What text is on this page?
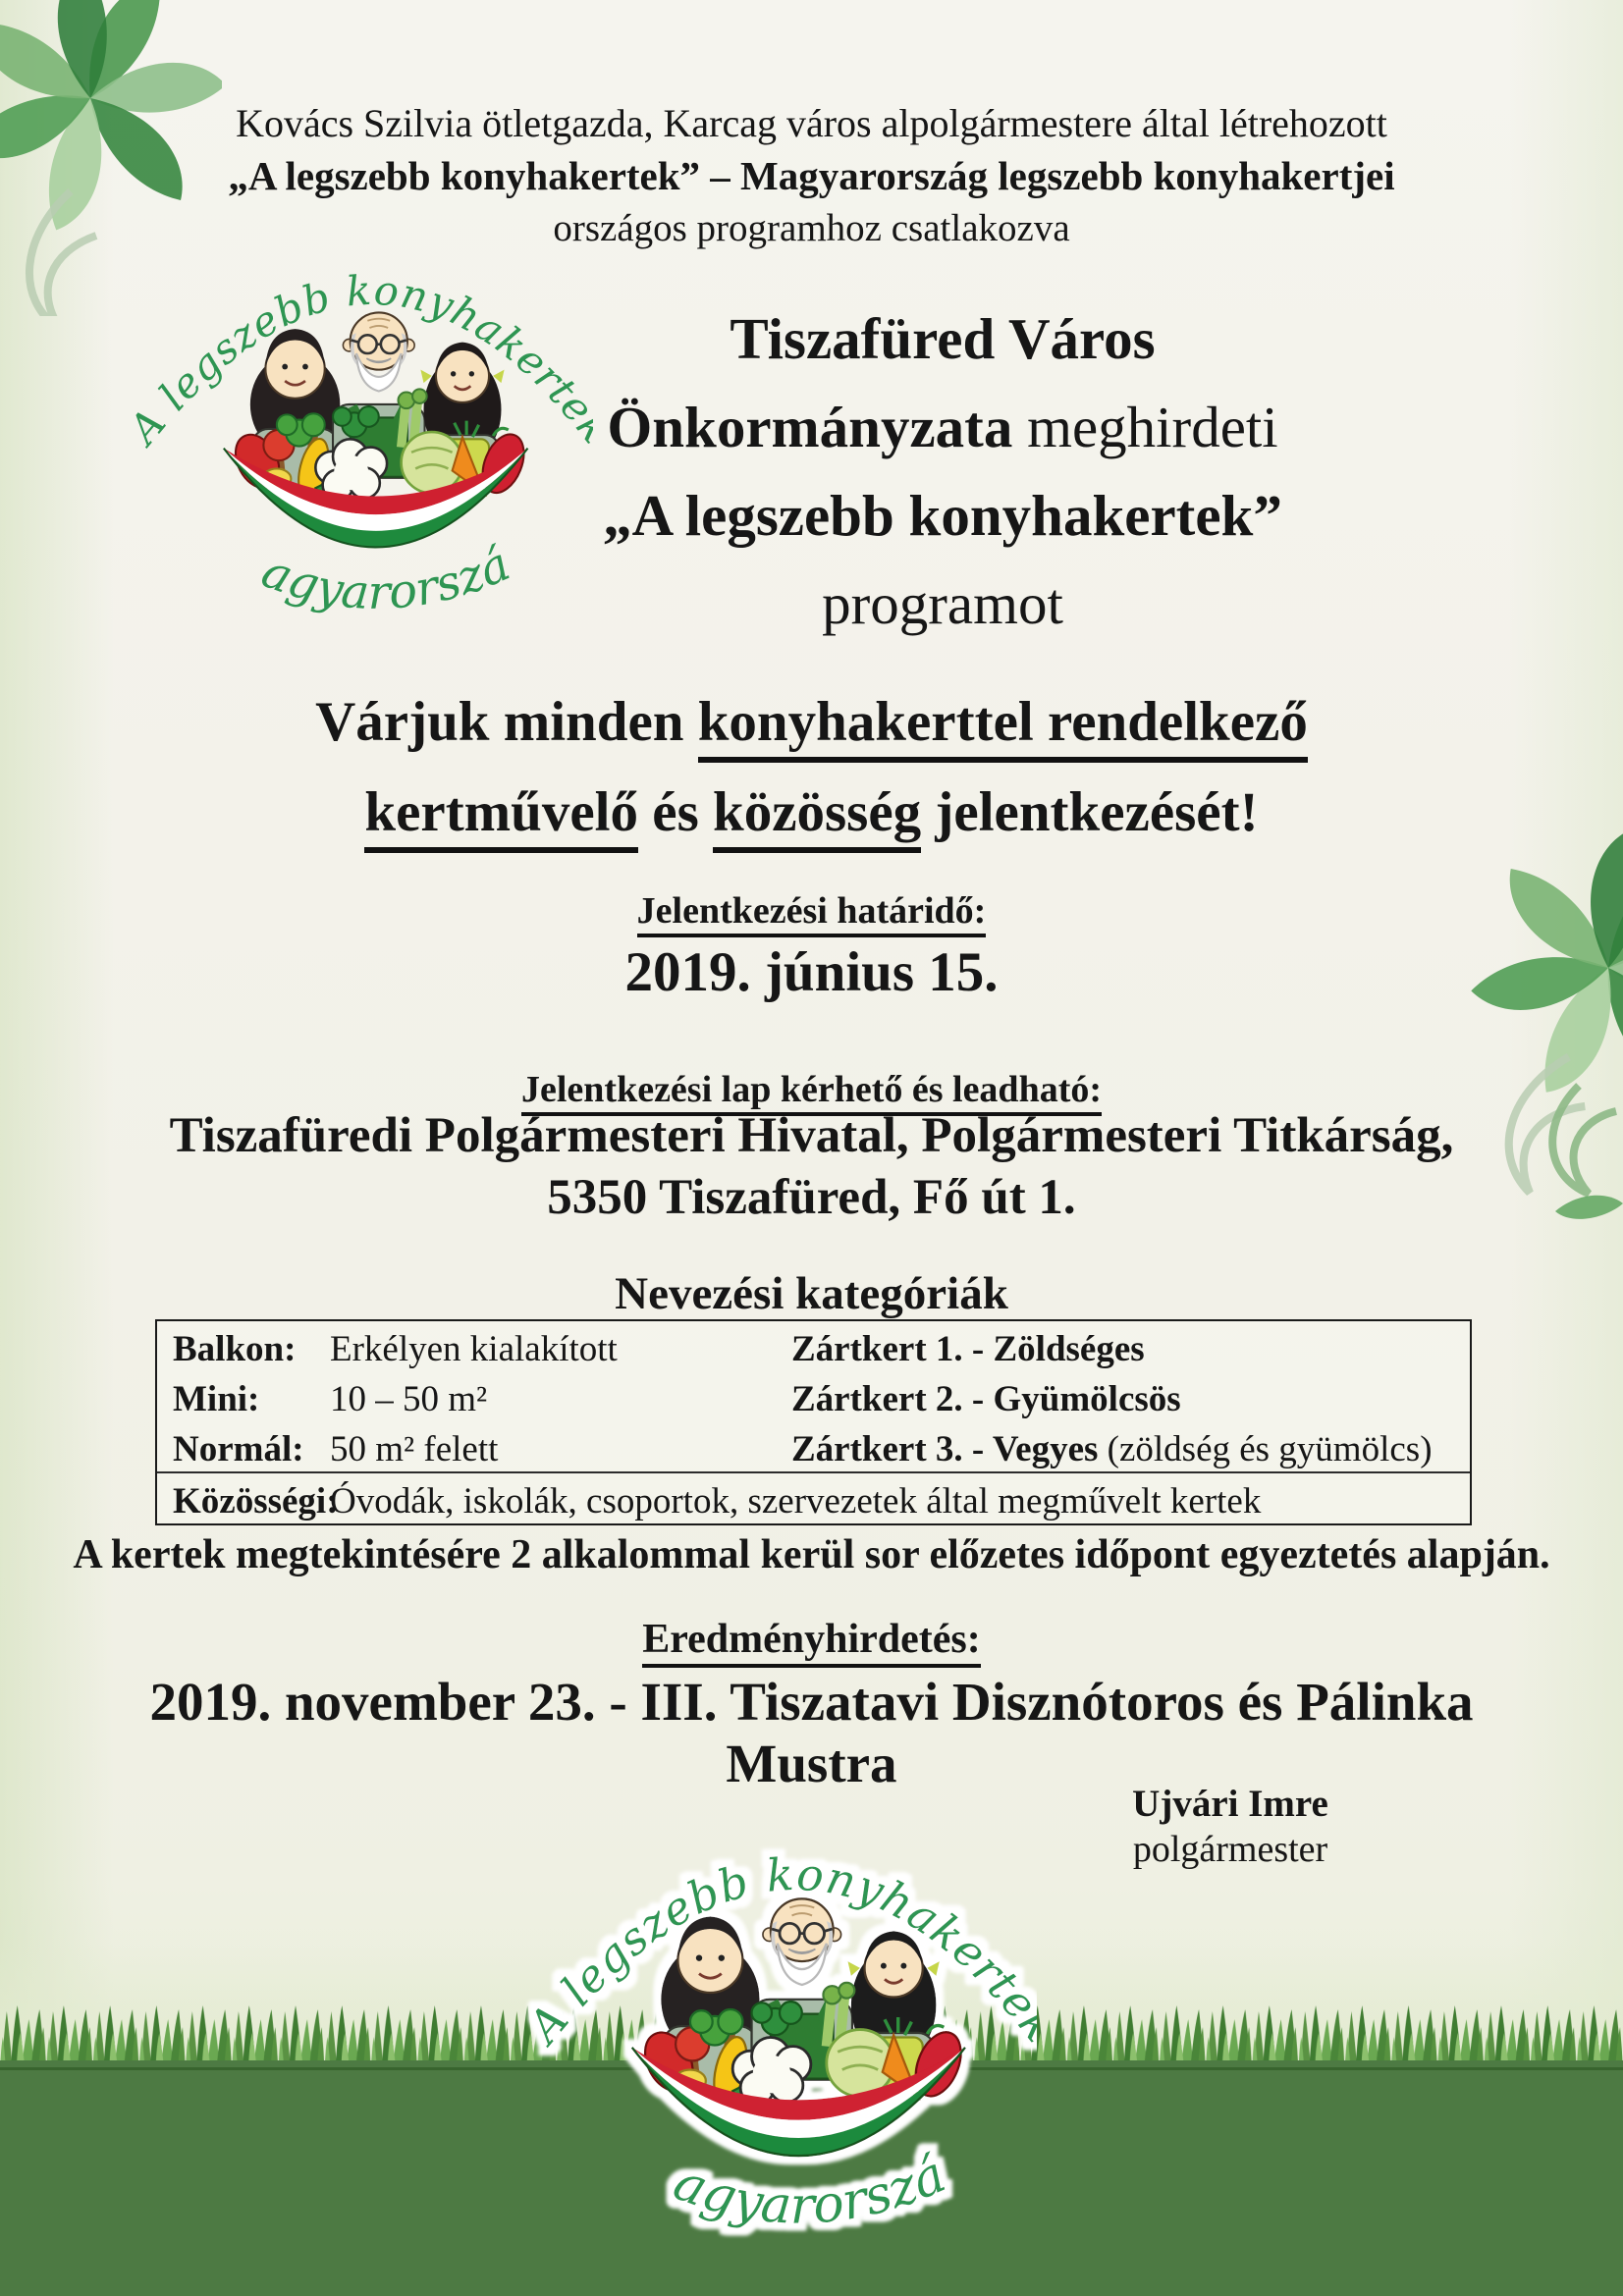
Kovács Szilvia ötletgazda, Karcag város alpolgármestere által létrehozott
„A legszebb konyhakertek” – Magyarország legszebb konyhakertjei
országos programhoz csatlakozva
Tiszafüred Város
Önkormányzata meghirdeti
„A legszebb konyhakertek”
programot
Várjuk minden konyhakerttel rendelkező
kertművelő és közösség jelentkezését!
Jelentkezési határidő:
2019. június 15.
Jelentkezési lap kérhető és leadható:
Tiszafüredi Polgármesteri Hivatal, Polgármesteri Titkárság,
5350 Tiszafüred, Fő út 1.
Nevezési kategóriák
Balkon: Erkélyen kialakított	Zártkert 1. - Zöldséges
Mini:	10 – 50 m²	Zártkert 2. - Gyümölcsös
Normál: 50 m² felett	Zártkert 3. - Vegyes (zöldség és gyümölcs)
Közösségi:
Óvodák, iskolák, csoportok, szervezetek által megművelt kertek
A kertek megtekintésére 2 alkalommal kerül sor előzetes időpont egyeztetés alapján.
Eredményhirdetés:
2019. november 23. - III. Tiszatavi Disznótoros és Pálinka Mustra
Ujvári Imre
polgármester
